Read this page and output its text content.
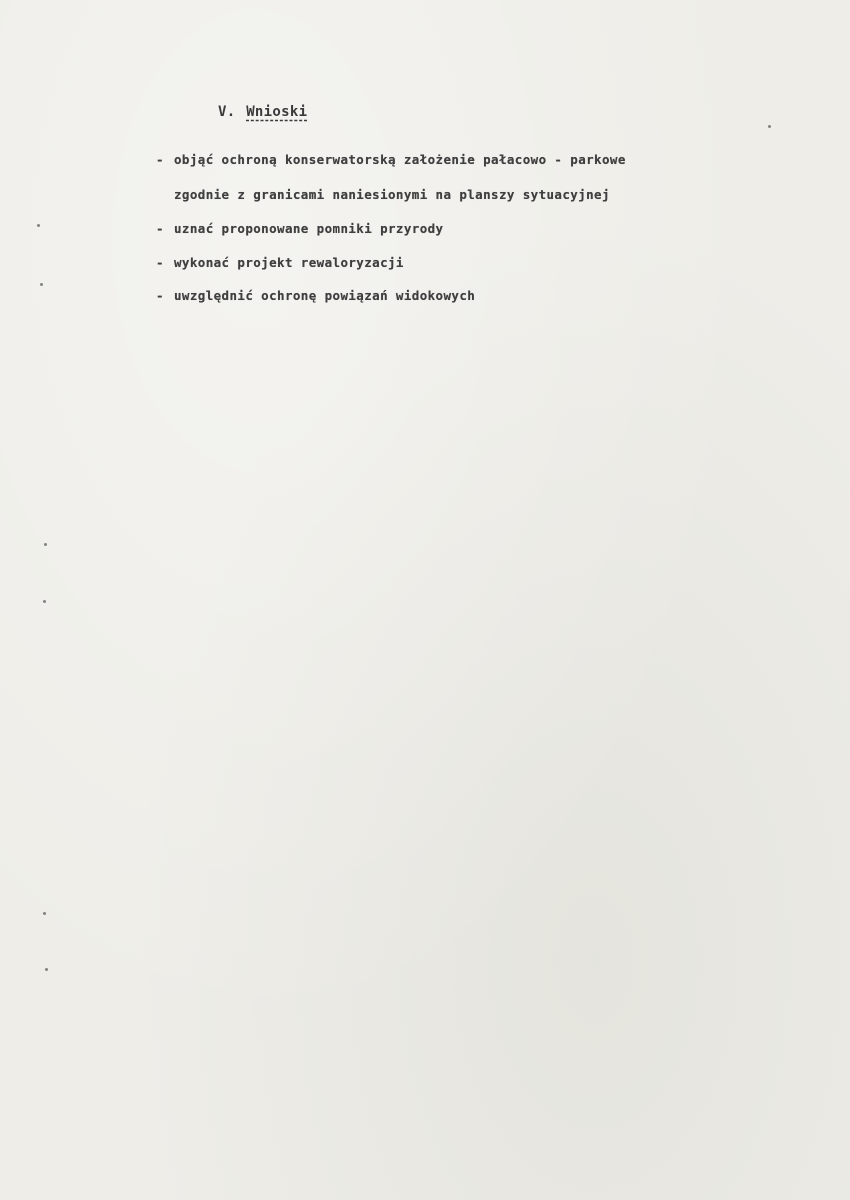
V. Wnioski
- objąć ochroną konserwatorską założenie pałacowo - parkowe
zgodnie z granicami naniesionymi na planszy sytuacyjnej
- uznać proponowane pomniki przyrody
- wykonać projekt rewaloryzacji
- uwzględnić ochronę powiązań widokowych
